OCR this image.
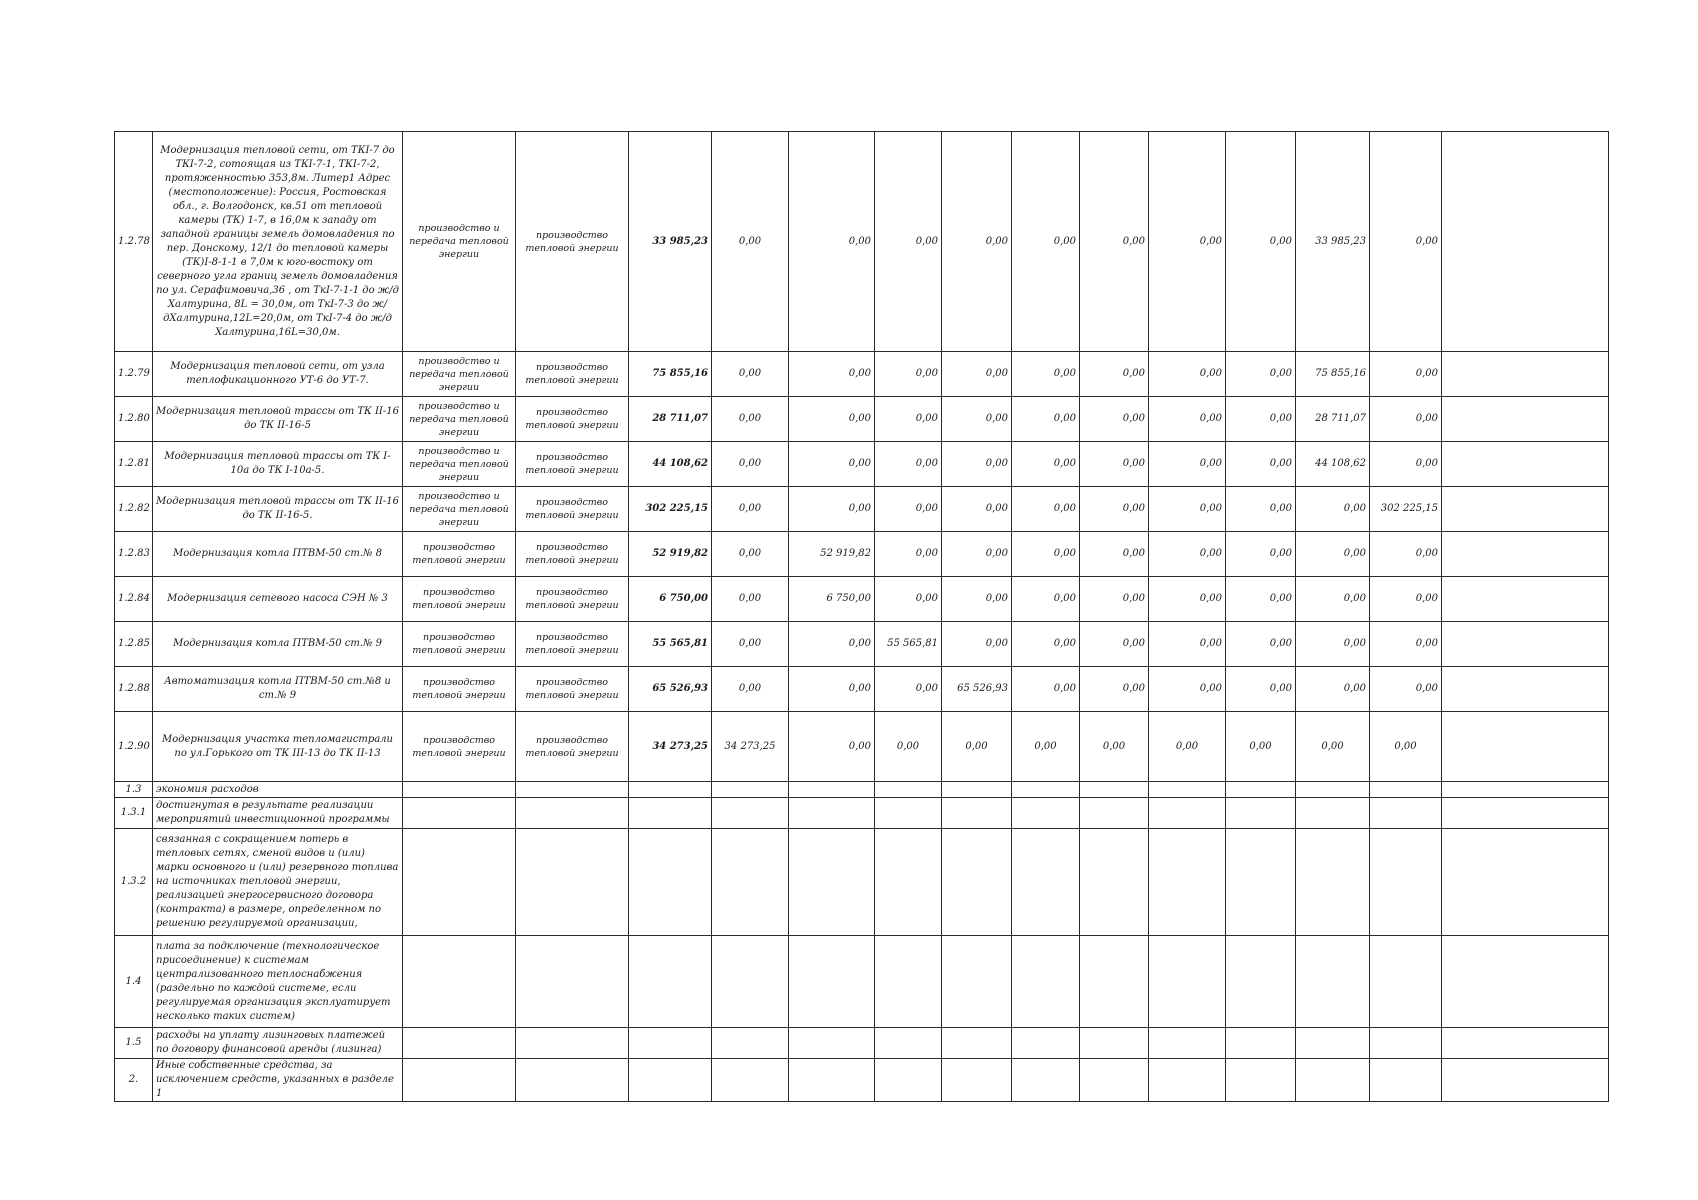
1.2.78	Модернизация тепловой сети, от ТКI-7 до ТКI-7-2, сотоящая из ТКI-7-1, ТКI-7-2, протяженностью 353,8м. Литер1 Адрес (местоположение): Россия, Ростовская обл., г. Волгодонск, кв.51 от тепловой камеры (ТК) 1-7, в 16,0м к западу от западной границы земель домовладения по пер. Донскому, 12/1 до тепловой камеры (ТК)I-8-1-1 в 7,0м к юго-востоку от северного угла границ земель домовладения по ул. Серафимовича,36 , от ТкI-7-1-1 до ж/д Халтурина, 8L = 30,0м, от ТкI-7-3 до ж/дХалтурина,12L=20,0м, от ТкI-7-4 до ж/д Халтурина,16L=30,0м.	производство и передача тепловой энергии	производство тепловой энергии	33 985,23	0,00	0,00	0,00	0,00	0,00	0,00	0,00	0,00	33 985,23	0,00	
1.2.79	Модернизация тепловой сети, от узла теплофикационного УТ-6 до УТ-7.	производство и передача тепловой энергии	производство тепловой энергии	75 855,16	0,00	0,00	0,00	0,00	0,00	0,00	0,00	0,00	75 855,16	0,00	
1.2.80	Модернизация тепловой трассы от ТК II-16 до ТК II-16-5	производство и передача тепловой энергии	производство тепловой энергии	28 711,07	0,00	0,00	0,00	0,00	0,00	0,00	0,00	0,00	28 711,07	0,00	
1.2.81	Модернизация тепловой трассы от ТК I-10а до ТК I-10а-5.	производство и передача тепловой энергии	производство тепловой энергии	44 108,62	0,00	0,00	0,00	0,00	0,00	0,00	0,00	0,00	44 108,62	0,00	
1.2.82	Модернизация тепловой трассы от ТК II-16 до ТК II-16-5.	производство и передача тепловой энергии	производство тепловой энергии	302 225,15	0,00	0,00	0,00	0,00	0,00	0,00	0,00	0,00	0,00	302 225,15	
1.2.83	Модернизация котла ПТВМ-50 ст.№ 8	производство тепловой энергии	производство тепловой энергии	52 919,82	0,00	52 919,82	0,00	0,00	0,00	0,00	0,00	0,00	0,00	0,00	
1.2.84	Модернизация сетевого насоса СЭН № 3	производство тепловой энергии	производство тепловой энергии	6 750,00	0,00	6 750,00	0,00	0,00	0,00	0,00	0,00	0,00	0,00	0,00	
1.2.85	Модернизация котла ПТВМ-50 ст.№ 9	производство тепловой энергии	производство тепловой энергии	55 565,81	0,00	0,00	55 565,81	0,00	0,00	0,00	0,00	0,00	0,00	0,00	
1.2.88	Автоматизация котла ПТВМ-50 ст.№8 и ст.№ 9	производство тепловой энергии	производство тепловой энергии	65 526,93	0,00	0,00	0,00	65 526,93	0,00	0,00	0,00	0,00	0,00	0,00	
1.2.90	Модернизация участка тепломагистрали по ул.Горького от ТК III-13 до ТК II-13	производство тепловой энергии	производство тепловой энергии	34 273,25	34 273,25	0,00	0,00	0,00	0,00	0,00	0,00	0,00	0,00	0,00	
1.3	экономия расходов														
1.3.1	достигнутая в результате реализации мероприятий инвестиционной программы														
1.3.2	связанная с сокращением потерь в тепловых сетях, сменой видов и (или) марки основного и (или) резервного топлива на источниках тепловой энергии, реализацией энергосервисного договора (контракта) в размере, определенном по решению регулируемой организации,														
1.4	плата за подключение (технологическое присоединение) к системам централизованного теплоснабжения (раздельно по каждой системе, если регулируемая организация эксплуатирует несколько таких систем)														
1.5	расходы на уплату лизинговых платежей по договору финансовой аренды (лизинга)														
2.	Иные собственные средства, за исключением средств, указанных в разделе 1														
